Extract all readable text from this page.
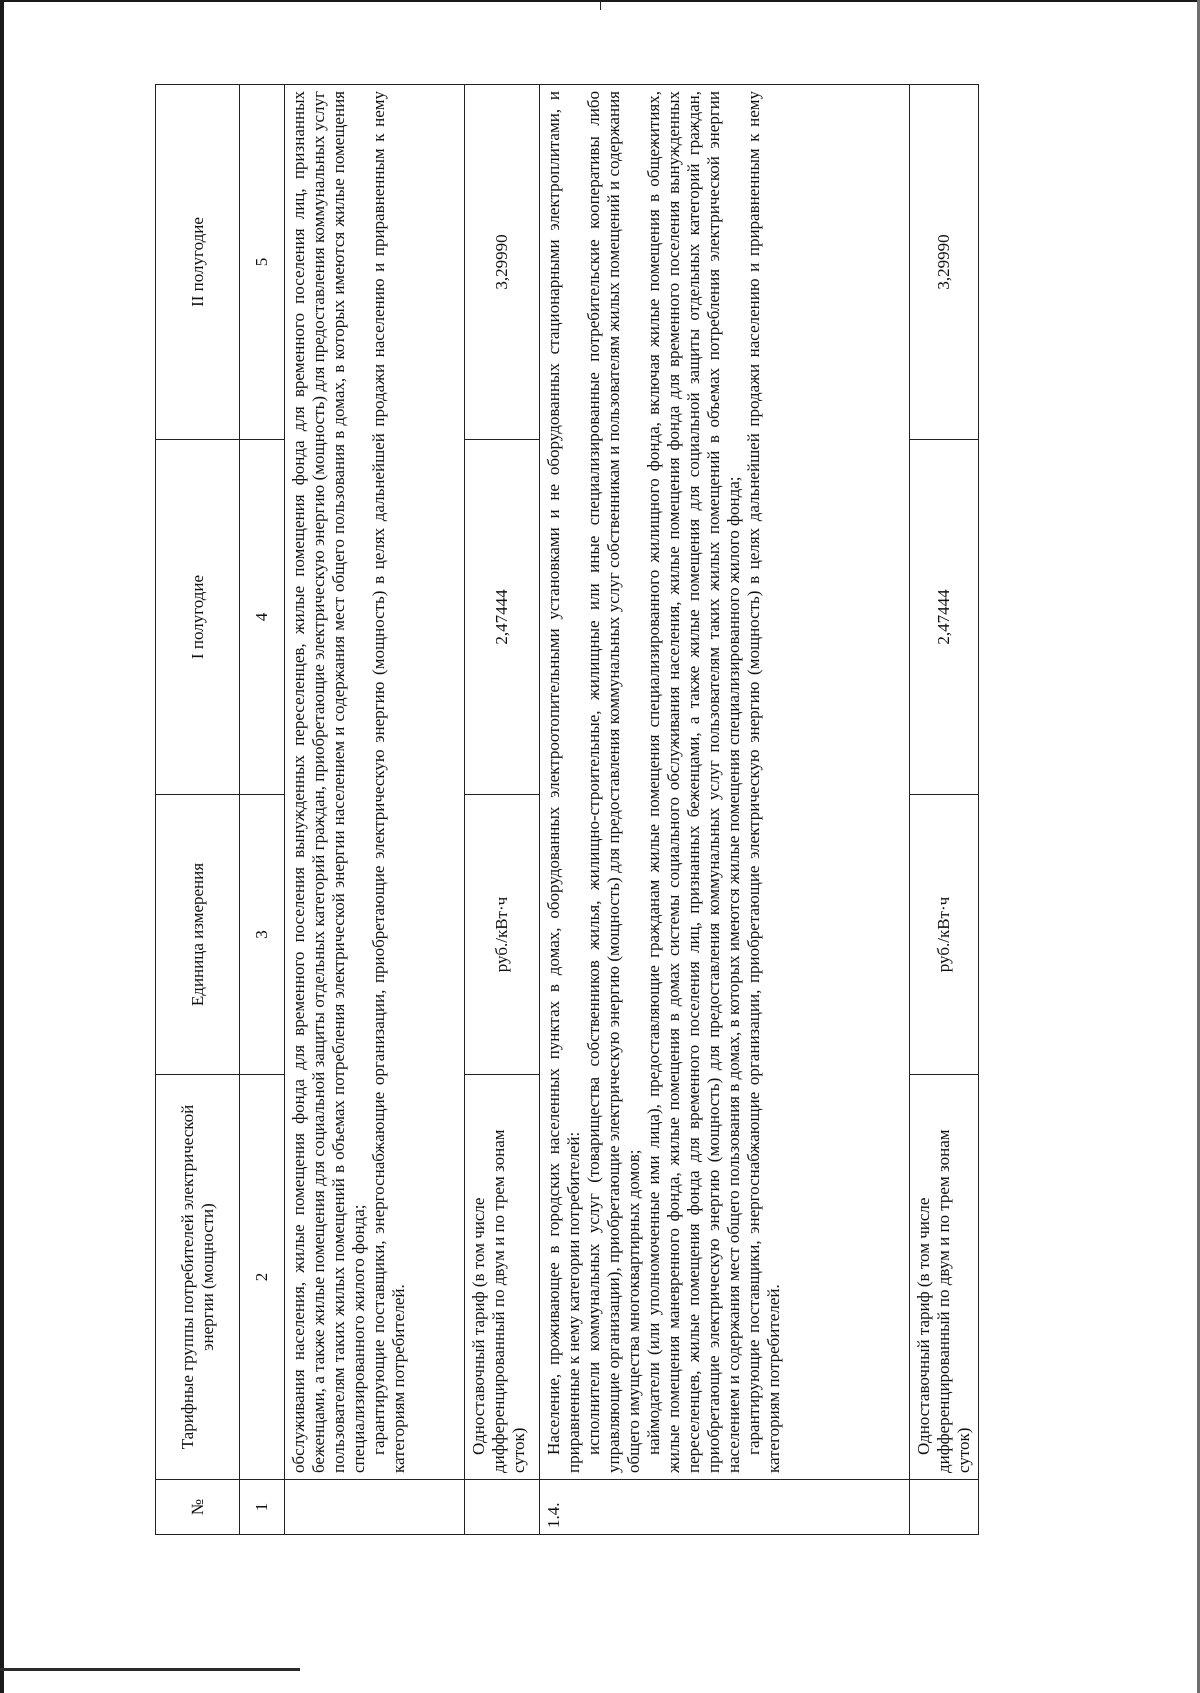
№	Тарифные группы потребителей электрической энергии (мощности)	Единица измерения	I полугодие	II полугодие
1	2	3	4	5

	обслуживания населения, жилые помещения фонда для временного поселения вынужденных переселенцев, жилые помещения фонда для временного поселения лиц, признанных беженцами, а также жилые помещения для социальной защиты отдельных категорий граждан, приобретающие электрическую энергию (мощность) для предоставления коммунальных услуг пользователям таких жилых помещений в объемах потребления электрической энергии населением и содержания мест общего пользования в домах, в которых имеются жилые помещения специализированного жилого фонда; гарантирующие поставщики, энергоснабжающие организации, приобретающие электрическую энергию (мощность) в целях дальнейшей продажи населению и приравненным к нему категориям потребителей.			

	Одноставочный тариф (в том числе дифференцированный по двум и по трем зонам суток)	руб./кВт·ч	2,47444	3,29990
1.4.	Население, проживающее в городских населенных пунктах в домах, оборудованных электроотопительными установками и не оборудованных стационарными электроплитами, и приравненные к нему категории потребителей: исполнители коммунальных услуг (товарищества собственников жилья, жилищно-строительные, жилищные или иные специализированные потребительские кооперативы либо управляющие организации), приобретающие электрическую энергию (мощность) для предоставления коммунальных услуг собственникам и пользователям жилых помещений и содержания общего имущества многоквартирных домов; наймодатели (или уполномоченные ими лица), предоставляющие гражданам жилые помещения специализированного жилищного фонда, включая жилые помещения в общежитиях, жилые помещения маневренного фонда, жилые помещения в домах системы социального обслуживания населения, жилые помещения фонда для временного поселения вынужденных переселенцев, жилые помещения фонда для временного поселения лиц, признанных беженцами, а также жилые помещения для социальной защиты отдельных категорий граждан, приобретающие электрическую энергию (мощность) для предоставления коммунальных услуг пользователям таких жилых помещений в объемах потребления электрической энергии населением и содержания мест общего пользования в домах, в которых имеются жилые помещения специализированного жилого фонда; гарантирующие поставщики, энергоснабжающие организации, приобретающие электрическую энергию (мощность) в целях дальнейшей продажи населению и приравненным к нему категориям потребителей.			

	Одноставочный тариф (в том числе дифференцированный по двум и по трем зонам суток)	руб./кВт·ч	2,47444	3,29990
